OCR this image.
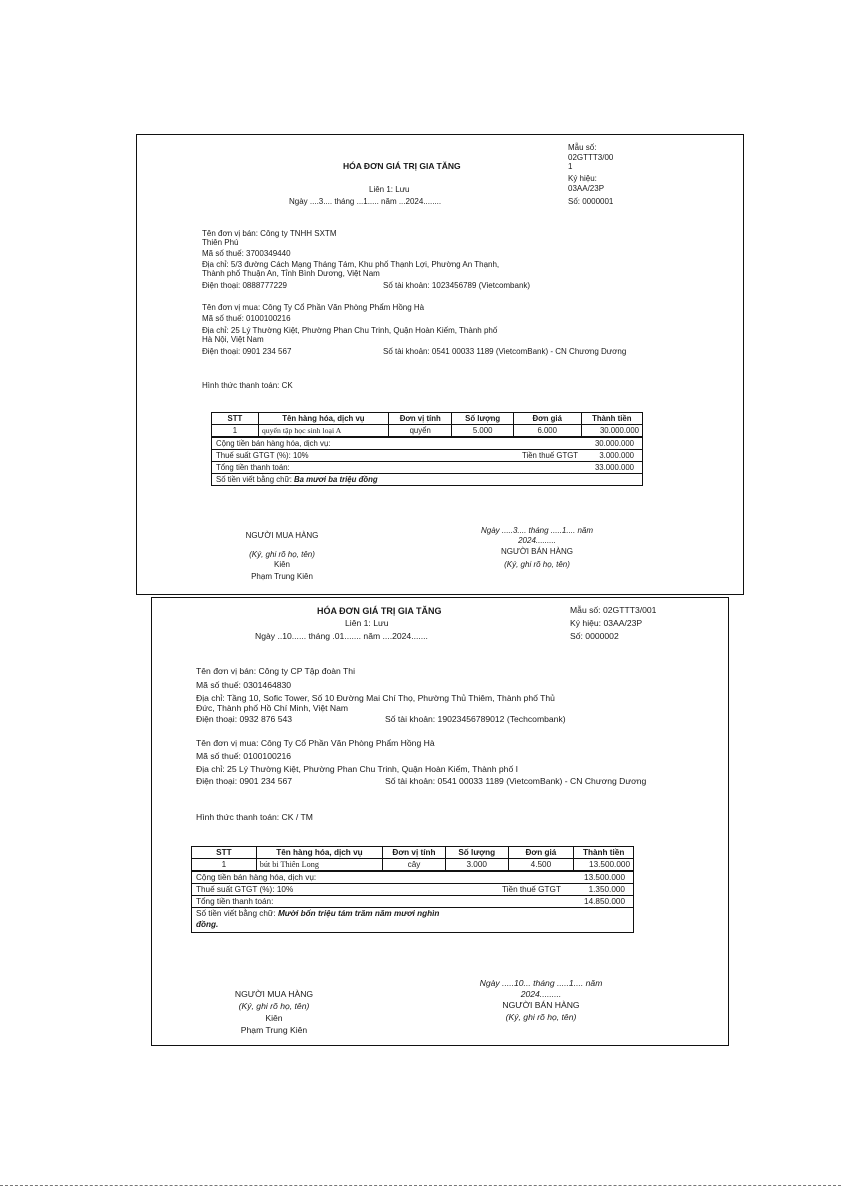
HÓA ĐƠN GIÁ TRỊ GIA TĂNG
Liên 1: Lưu
Ngày ....3.... tháng ...1..... năm ...2024........
Mẫu số:
02GTTT3/00
1
Ký hiệu:
03AA/23P
Số: 0000001
Tên đơn vị bán: Công ty TNHH SXTM
Thiên Phú
Mã số thuế: 3700349440
Địa chỉ: 5/3 đường Cách Mạng Tháng Tám, Khu phố Thạnh Lợi, Phường An Thạnh,
Thành phố Thuận An, Tỉnh Bình Dương, Việt Nam
Điện thoại: 0888777229	Số tài khoản: 1023456789 (Vietcombank)
Tên đơn vị mua: Công Ty Cổ Phần Văn Phòng Phẩm Hồng Hà
Mã số thuế: 0100100216
Địa chỉ: 25 Lý Thường Kiệt, Phường Phan Chu Trinh, Quận Hoàn Kiếm, Thành phố
Hà Nội, Việt Nam
Điện thoại: 0901 234 567	Số tài khoản: 0541 00033 1189 (VietcomBank) - CN Chương Dương
Hình thức thanh toán: CK
STT	Tên hàng hóa, dịch vụ	Đơn vị tính	Số lượng	Đơn giá	Thành tiền
1	quyển tập học sinh loại A	quyển	5.000	6.000	30.000.000
Cộng tiền bán hàng hóa, dịch vụ:	30.000.000
Thuế suất GTGT (%): 10%	Tiền thuế GTGT	3.000.000
Tổng tiền thanh toán:	33.000.000
Số tiền viết bằng chữ: Ba mươi ba triệu đồng
NGƯỜI MUA HÀNG
(Ký, ghi rõ họ, tên)
Kiên
Phạm Trung Kiên
Ngày .....3.... tháng .....1.... năm
2024.........
NGƯỜI BÁN HÀNG
(Ký, ghi rõ họ, tên)
HÓA ĐƠN GIÁ TRỊ GIA TĂNG
Liên 1: Lưu
Ngày ..10...... tháng .01....... năm ....2024.......
Mẫu số: 02GTTT3/001
Ký hiệu: 03AA/23P
Số: 0000002
Tên đơn vị bán: Công ty CP Tập đoàn Thi
Mã số thuế: 0301464830
Địa chỉ: Tầng 10, Sofic Tower, Số 10 Đường Mai Chí Thọ, Phường Thủ Thiêm, Thành phố Thủ
Đức, Thành phố Hồ Chí Minh, Việt Nam
Điện thoại: 0932 876 543	Số tài khoản: 19023456789012 (Techcombank)
Tên đơn vị mua: Công Ty Cổ Phần Văn Phòng Phẩm Hồng Hà
Mã số thuế: 0100100216
Địa chỉ: 25 Lý Thường Kiệt, Phường Phan Chu Trinh, Quận Hoàn Kiếm, Thành phố I
Điện thoại: 0901 234 567	Số tài khoản: 0541 00033 1189 (VietcomBank) - CN Chương Dương
Hình thức thanh toán: CK / TM
STT	Tên hàng hóa, dịch vụ	Đơn vị tính	Số lượng	Đơn giá	Thành tiền
1	bút bi Thiên Long	cây	3.000	4.500	13.500.000
Cộng tiền bán hàng hóa, dịch vụ:	13.500.000
Thuế suất GTGT (%): 10%	Tiền thuế GTGT	1.350.000
Tổng tiền thanh toán:	14.850.000
Số tiền viết bằng chữ: Mười bốn triệu tám trăm năm mươi nghìn
đồng.
NGƯỜI MUA HÀNG
(Ký, ghi rõ họ, tên)
Kiên
Phạm Trung Kiên
Ngày .....10... tháng .....1.... năm
2024.........
NGƯỜI BÁN HÀNG
(Ký, ghi rõ họ, tên)
